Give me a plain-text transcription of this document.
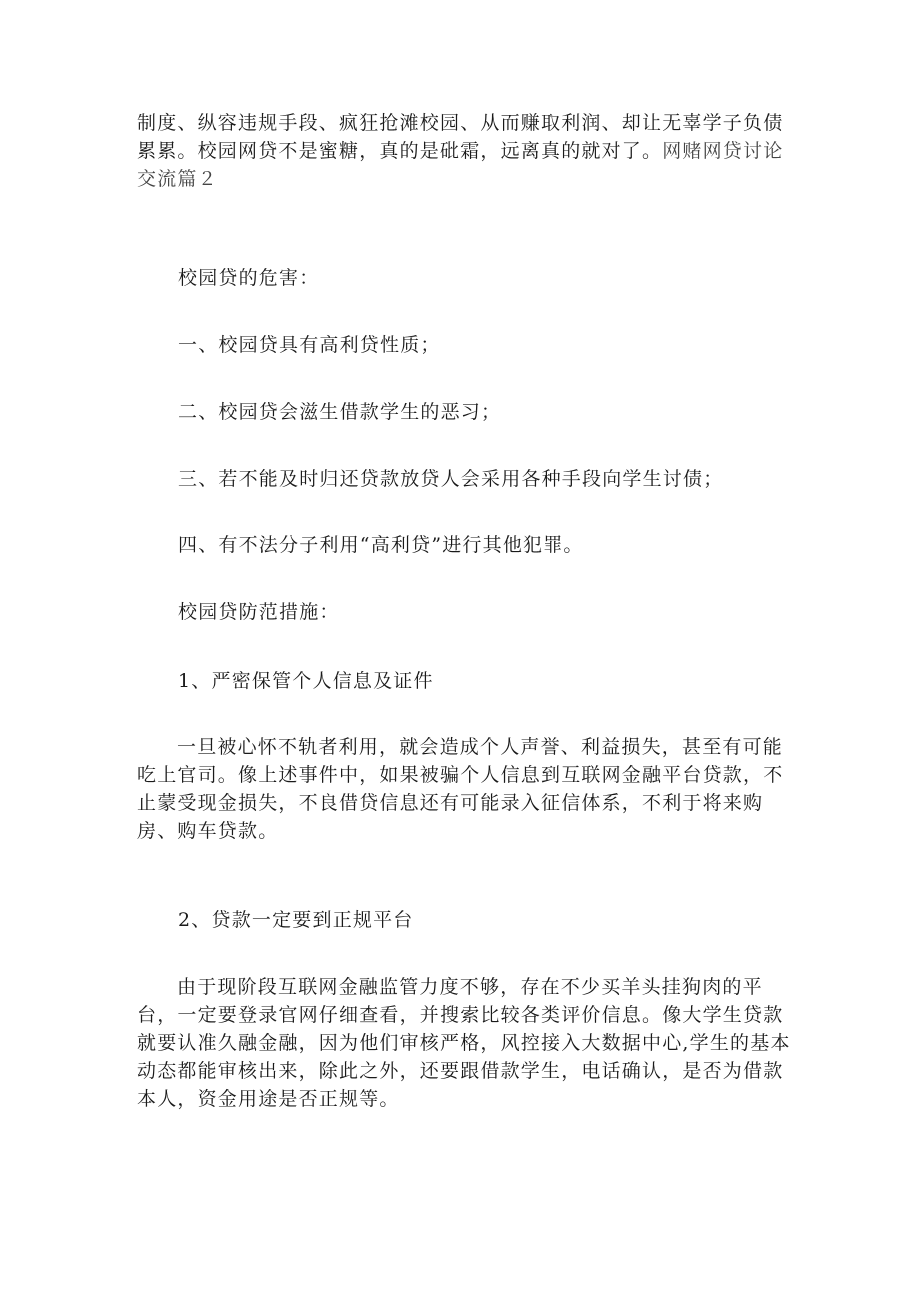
制度、纵容违规手段、疯狂抢滩校园、从而赚取利润、却让无辜学子负债累累。校园网贷不是蜜糖，真的是砒霜，远离真的就对了。网赌网贷讨论交流篇２

校园贷的危害：

一、校园贷具有高利贷性质；

二、校园贷会滋生借款学生的恶习；

三、若不能及时归还贷款放贷人会采用各种手段向学生讨债；

四、有不法分子利用“高利贷”进行其他犯罪。

校园贷防范措施：

1、严密保管个人信息及证件

一旦被心怀不轨者利用，就会造成个人声誉、利益损失，甚至有可能吃上官司。像上述事件中，如果被骗个人信息到互联网金融平台贷款，不止蒙受现金损失，不良借贷信息还有可能录入征信体系，不利于将来购房、购车贷款。

2、贷款一定要到正规平台

由于现阶段互联网金融监管力度不够，存在不少买羊头挂狗肉的平台，一定要登录官网仔细查看，并搜索比较各类评价信息。像大学生贷款就要认准久融金融，因为他们审核严格，风控接入大数据中心,学生的基本动态都能审核出来，除此之外，还要跟借款学生，电话确认，是否为借款本人，资金用途是否正规等。
